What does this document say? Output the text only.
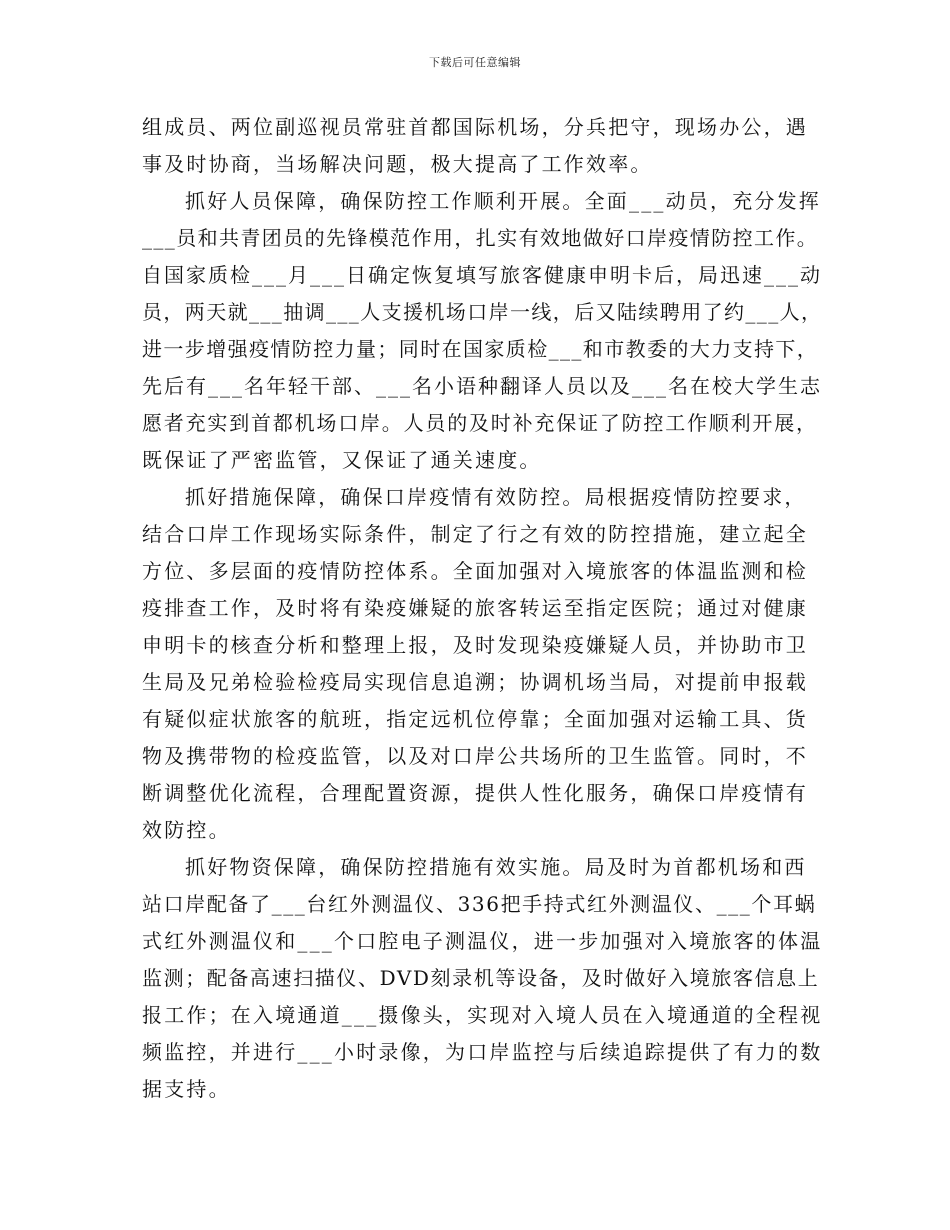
下载后可任意编辑
组成员、两位副巡视员常驻首都国际机场，分兵把守，现场办公，遇
事及时协商，当场解决问题，极大提高了工作效率。
抓好人员保障，确保防控工作顺利开展。全面___动员，充分发挥
___员和共青团员的先锋模范作用，扎实有效地做好口岸疫情防控工作。
自国家质检___月___日确定恢复填写旅客健康申明卡后，局迅速___动
员，两天就___抽调___人支援机场口岸一线，后又陆续聘用了约___人，
进一步增强疫情防控力量；同时在国家质检___和市教委的大力支持下，
先后有___名年轻干部、___名小语种翻译人员以及___名在校大学生志
愿者充实到首都机场口岸。人员的及时补充保证了防控工作顺利开展，
既保证了严密监管，又保证了通关速度。
抓好措施保障，确保口岸疫情有效防控。局根据疫情防控要求，
结合口岸工作现场实际条件，制定了行之有效的防控措施，建立起全
方位、多层面的疫情防控体系。全面加强对入境旅客的体温监测和检
疫排查工作，及时将有染疫嫌疑的旅客转运至指定医院；通过对健康
申明卡的核查分析和整理上报，及时发现染疫嫌疑人员，并协助市卫
生局及兄弟检验检疫局实现信息追溯；协调机场当局，对提前申报载
有疑似症状旅客的航班，指定远机位停靠；全面加强对运输工具、货
物及携带物的检疫监管，以及对口岸公共场所的卫生监管。同时，不
断调整优化流程，合理配置资源，提供人性化服务，确保口岸疫情有
效防控。
抓好物资保障，确保防控措施有效实施。局及时为首都机场和西
站口岸配备了___台红外测温仪、336把手持式红外测温仪、___个耳蜗
式红外测温仪和___个口腔电子测温仪，进一步加强对入境旅客的体温
监测；配备高速扫描仪、DVD刻录机等设备，及时做好入境旅客信息上
报工作；在入境通道___摄像头，实现对入境人员在入境通道的全程视
频监控，并进行___小时录像，为口岸监控与后续追踪提供了有力的数
据支持。
